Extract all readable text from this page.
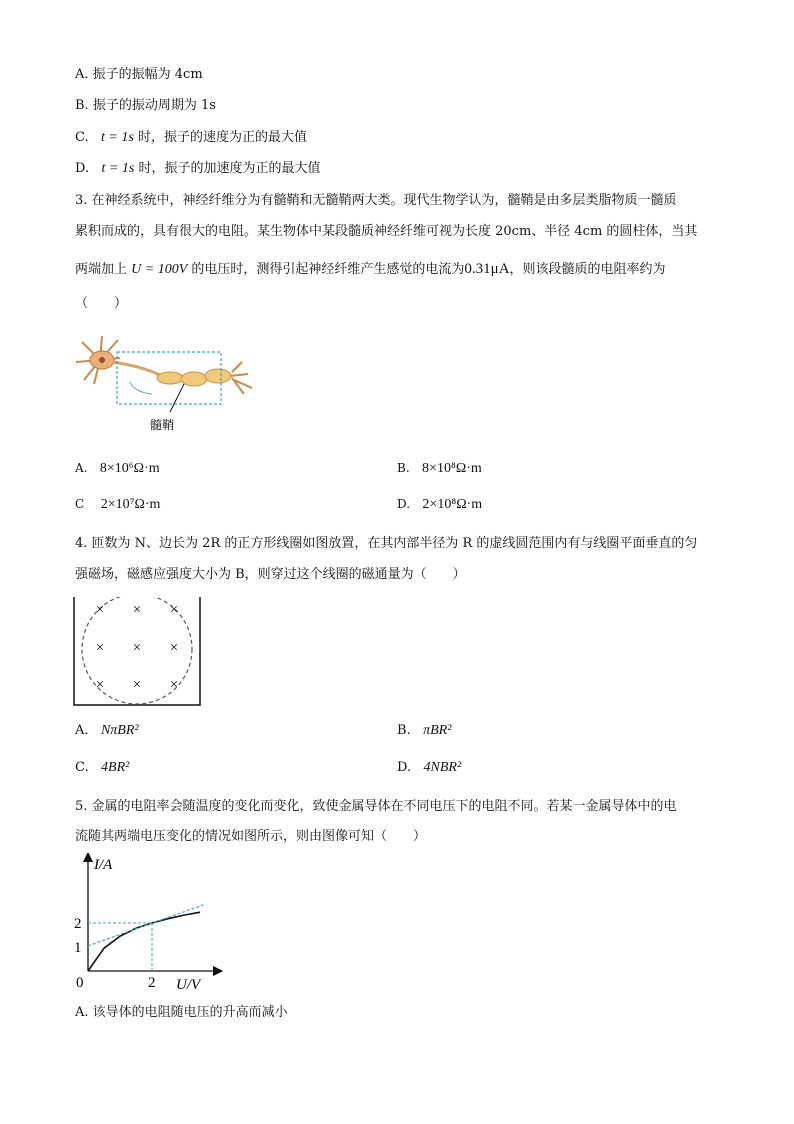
A. 振子的振幅为 4cm
B. 振子的振动周期为 1s
C. t = 1s 时，振子的速度为正的最大值
D. t = 1s 时，振子的加速度为正的最大值
3. 在神经系统中，神经纤维分为有髓鞘和无髓鞘两大类。现代生物学认为，髓鞘是由多层类脂物质一髓质
累积而成的，具有很大的电阻。某生物体中某段髓质神经纤维可视为长度 20cm、半径 4cm 的圆柱体，当其
两端加上 U = 100V 的电压时，测得引起神经纤维产生感觉的电流为0.31μA，则该段髓质的电阻率约为
（　　）
髓鞘
A. 8×10⁶Ω·m	B. 8×10⁸Ω·m
C 2×10⁷Ω·m	D. 2×10⁸Ω·m
4. 匝数为 N、边长为 2R 的正方形线圈如图放置，在其内部半径为 R 的虚线圆范围内有与线圈平面垂直的匀
强磁场，磁感应强度大小为 B，则穿过这个线圈的磁通量为（　　）
× × ×
× × ×
× × ×
A. NπBR²	B. πBR²
C. 4BR²	D. 4NBR²
5. 金属的电阻率会随温度的变化而变化，致使金属导体在不同电压下的电阻不同。若某一金属导体中的电
流随其两端电压变化的情况如图所示，则由图像可知（　　）
I/A
U/V
0	2
1
2
A. 该导体的电阻随电压的升高而减小
